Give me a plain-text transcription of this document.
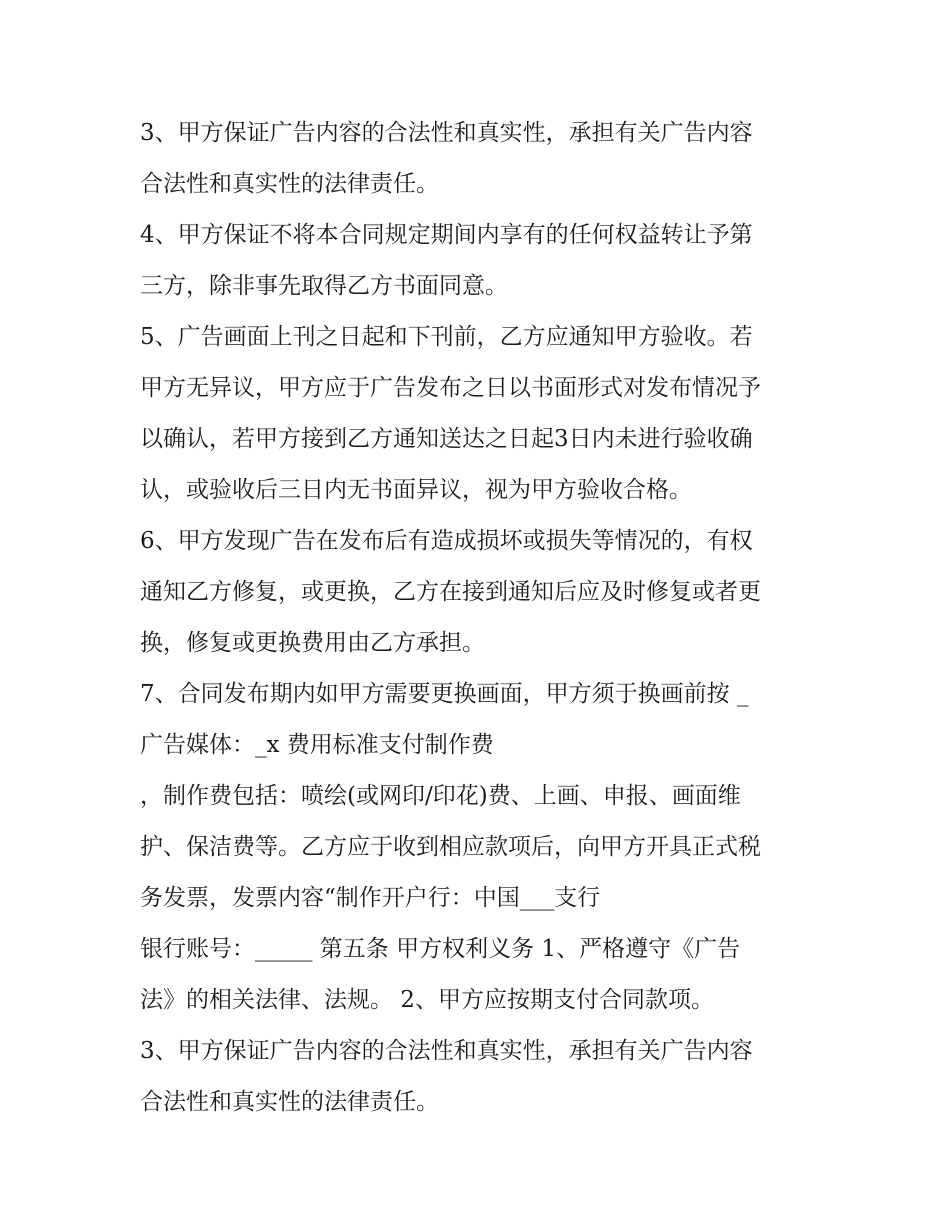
3、甲方保证广告内容的合法性和真实性，承担有关广告内容
合法性和真实性的法律责任。
4、甲方保证不将本合同规定期间内享有的任何权益转让予第
三方，除非事先取得乙方书面同意。
5、广告画面上刊之日起和下刊前，乙方应通知甲方验收。若
甲方无异议，甲方应于广告发布之日以书面形式对发布情况予
以确认，若甲方接到乙方通知送达之日起3日内未进行验收确
认，或验收后三日内无书面异议，视为甲方验收合格。
6、甲方发现广告在发布后有造成损坏或损失等情况的，有权
通知乙方修复，或更换，乙方在接到通知后应及时修复或者更
换，修复或更换费用由乙方承担。
7、合同发布期内如甲方需要更换画面，甲方须于换画前按 _
广告媒体：_x 费用标准支付制作费
，制作费包括：喷绘(或网印/印花)费、上画、申报、画面维
护、保洁费等。乙方应于收到相应款项后，向甲方开具正式税
务发票，发票内容“制作开户行：中国___支行
银行账号：_____ 第五条 甲方权利义务 1、严格遵守《广告
法》的相关法律、法规。 2、甲方应按期支付合同款项。
3、甲方保证广告内容的合法性和真实性，承担有关广告内容
合法性和真实性的法律责任。
